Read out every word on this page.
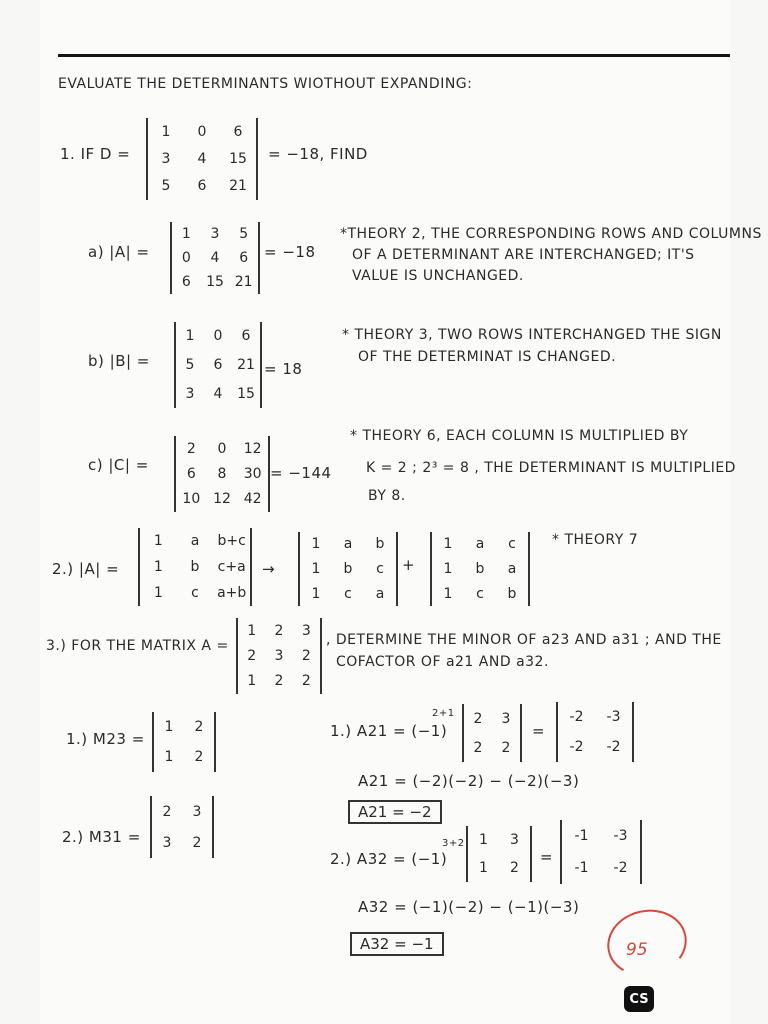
EVALUATE THE DETERMINANTS WIOTHOUT EXPANDING:
1. IF D =
1 0 6
3 4 15
5 6 21
= −18, FIND
a) |A| =
1 3 5
0 4 6
6 15 21
= −18
*THEORY 2, THE CORRESPONDING ROWS AND COLUMNS
OF A DETERMINANT ARE INTERCHANGED; IT'S
VALUE IS UNCHANGED.
b) |B| =
1 0 6
5 6 21
3 4 15
= 18
* THEORY 3, TWO ROWS INTERCHANGED THE SIGN
OF THE DETERMINAT IS CHANGED.
c) |C| =
2 0 12
6 8 30
10 12 42
= −144
* THEORY 6, EACH COLUMN IS MULTIPLIED BY
K = 2 ; 2³ = 8 , THE DETERMINANT IS MULTIPLIED
BY 8.
2.) |A| =
1 a b+c
1 b c+a
1 c a+b
→
1 a b
1 b c
1 c a
+
1 a c
1 b a
1 c b
* THEORY 7
3.) FOR THE MATRIX A =
1 2 3
2 3 2
1 2 2
, DETERMINE THE MINOR OF a23 AND a31 ; AND THE
COFACTOR OF a21 AND a32.
1.) M23 =
1 2
1 2
2.) M31 =
2 3
3 2
1.) A21 = (−1)
2+1 2 3
2 2
=
-2 -3
-2 -2
A21 = (−2)(−2) − (−2)(−3)
A21 = −2
2.) A32 = (−1)
3+2 1 3
1 2
=
-1 -3
-1 -2
A32 = (−1)(−2) − (−1)(−3)
A32 = −1	95
CS
